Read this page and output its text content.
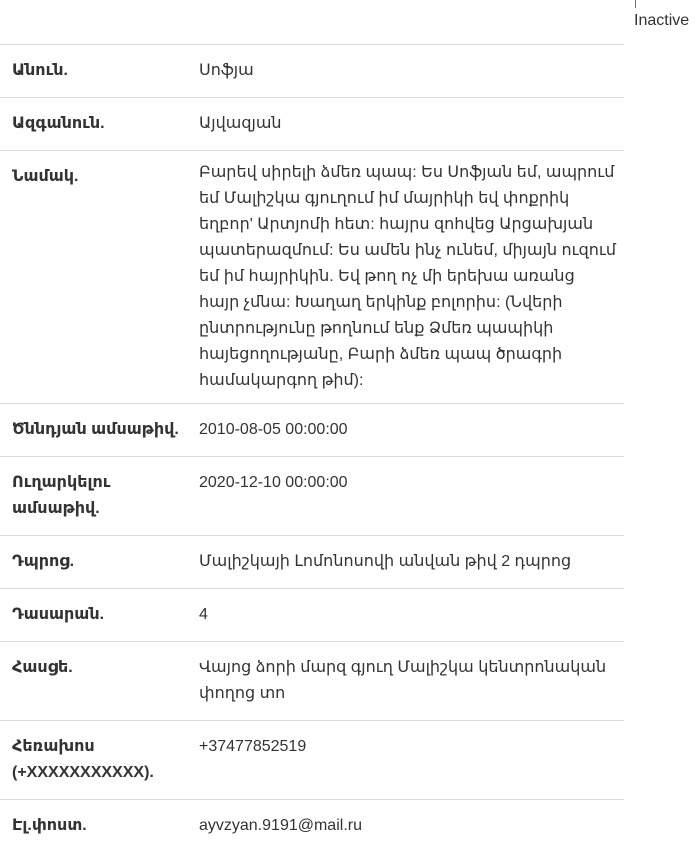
Inactive
Անուն.	Սոֆյա
Ազգանուն.	Այվազյան
Նամակ.	Բարեվ սիրելի ձմեռ պապ: Ես Սոֆյան եմ, ապրում եմ Մալիշկա գյուղում իմ մայրիկի եվ փոքրիկ եղբոր' Արտյոմի հետ: հայրս զոհվեց Արցախյան պատերազմում: Ես ամեն ինչ ունեմ, միյայն ուզում եմ իմ հայրիկին. Եվ թող ոչ մի երեխա առանց հայր չմնա: Խաղաղ երկինք բոլորիս: (Նվերի ընտրությունը թողնում ենք Ձմեռ պապիկի հայեցողությանը, Բարի ձմեռ պապ ծրագրի համակարգող թիմ):
Ծննդյան ամսաթիվ.	2010-08-05 00:00:00
Ուղարկելու ամսաթիվ.	2020-12-10 00:00:00
Դպրոց.	Մալիշկայի Լոմոնոսովի անվան թիվ 2 դպրոց
Դասարան.	4
Հասցե.	Վայոց ձորի մարզ գյուղ Մալիշկա կենտրոնական փողոց տո
Հեռախոս (+XXXXXXXXXXX).	+37477852519
Էլ.փոստ.	ayvzyan.9191@mail.ru
